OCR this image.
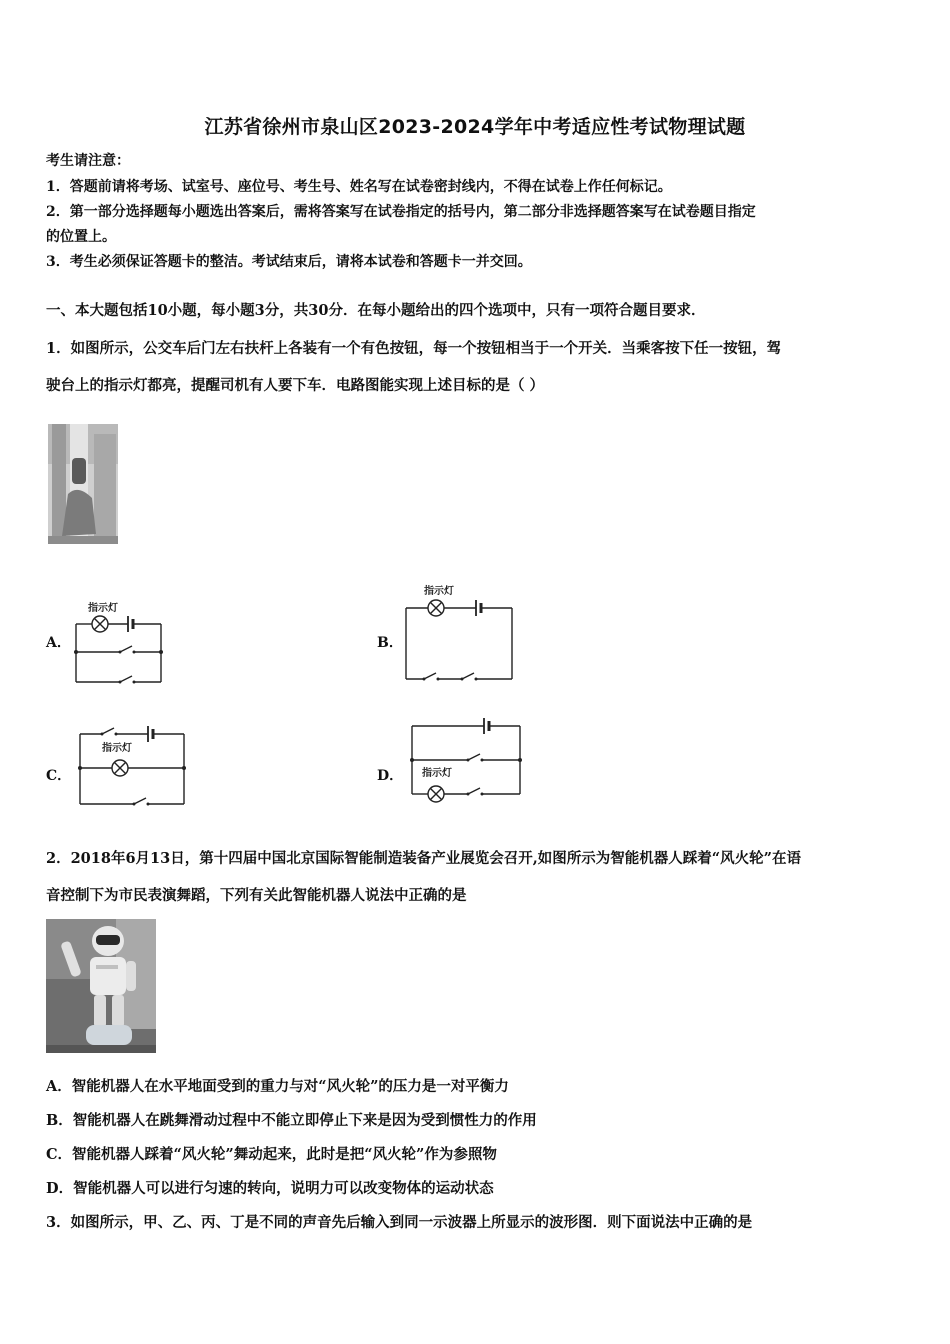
江苏省徐州市泉山区2023-2024学年中考适应性考试物理试题
考生请注意：
1．答题前请将考场、试室号、座位号、考生号、姓名写在试卷密封线内，不得在试卷上作任何标记。
2．第一部分选择题每小题选出答案后，需将答案写在试卷指定的括号内，第二部分非选择题答案写在试卷题目指定
的位置上。
3．考生必须保证答题卡的整洁。考试结束后，请将本试卷和答题卡一并交回。
一、本大题包括10小题，每小题3分，共30分．在每小题给出的四个选项中，只有一项符合题目要求．
1．如图所示，公交车后门左右扶杆上各装有一个有色按钮，每一个按钮相当于一个开关．当乘客按下任一按钮，驾
驶台上的指示灯都亮，提醒司机有人要下车．电路图能实现上述目标的是（ ）
A．
指示灯
B．
指示灯
C．
指示灯
D． 指示灯
2．2018年6月13日，第十四届中国北京国际智能制造装备产业展览会召开,如图所示为智能机器人踩着“风火轮”在语
音控制下为市民表演舞蹈，下列有关此智能机器人说法中正确的是
A．智能机器人在水平地面受到的重力与对“风火轮”的压力是一对平衡力
B．智能机器人在跳舞滑动过程中不能立即停止下来是因为受到惯性力的作用
C．智能机器人踩着“风火轮”舞动起来，此时是把“风火轮”作为参照物
D．智能机器人可以进行匀速的转向，说明力可以改变物体的运动状态
3．如图所示，甲、乙、丙、丁是不同的声音先后输入到同一示波器上所显示的波形图．则下面说法中正确的是
